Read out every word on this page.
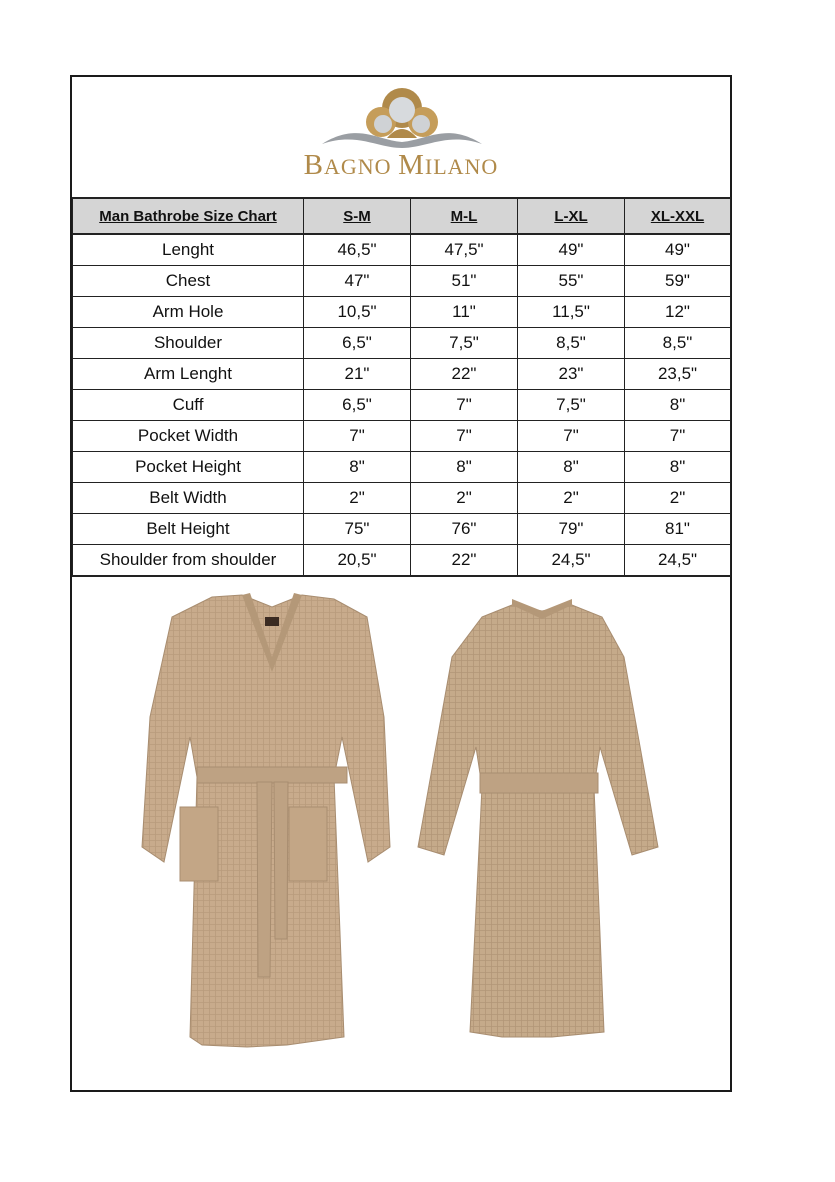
BAGNO MILANO
Man Bathrobe Size Chart	S-M	M-L	L-XL	XL-XXL
Lenght	46,5"	47,5"	49"	49"
Chest	47"	51"	55"	59"
Arm Hole	10,5"	11"	11,5"	12"
Shoulder	6,5"	7,5"	8,5"	8,5"
Arm Lenght	21"	22"	23"	23,5"
Cuff	6,5"	7"	7,5"	8"
Pocket Width	7"	7"	7"	7"
Pocket Height	8"	8"	8"	8"
Belt Width	2"	2"	2"	2"
Belt Height	75"	76"	79"	81"
Shoulder from shoulder	20,5"	22"	24,5"	24,5"
